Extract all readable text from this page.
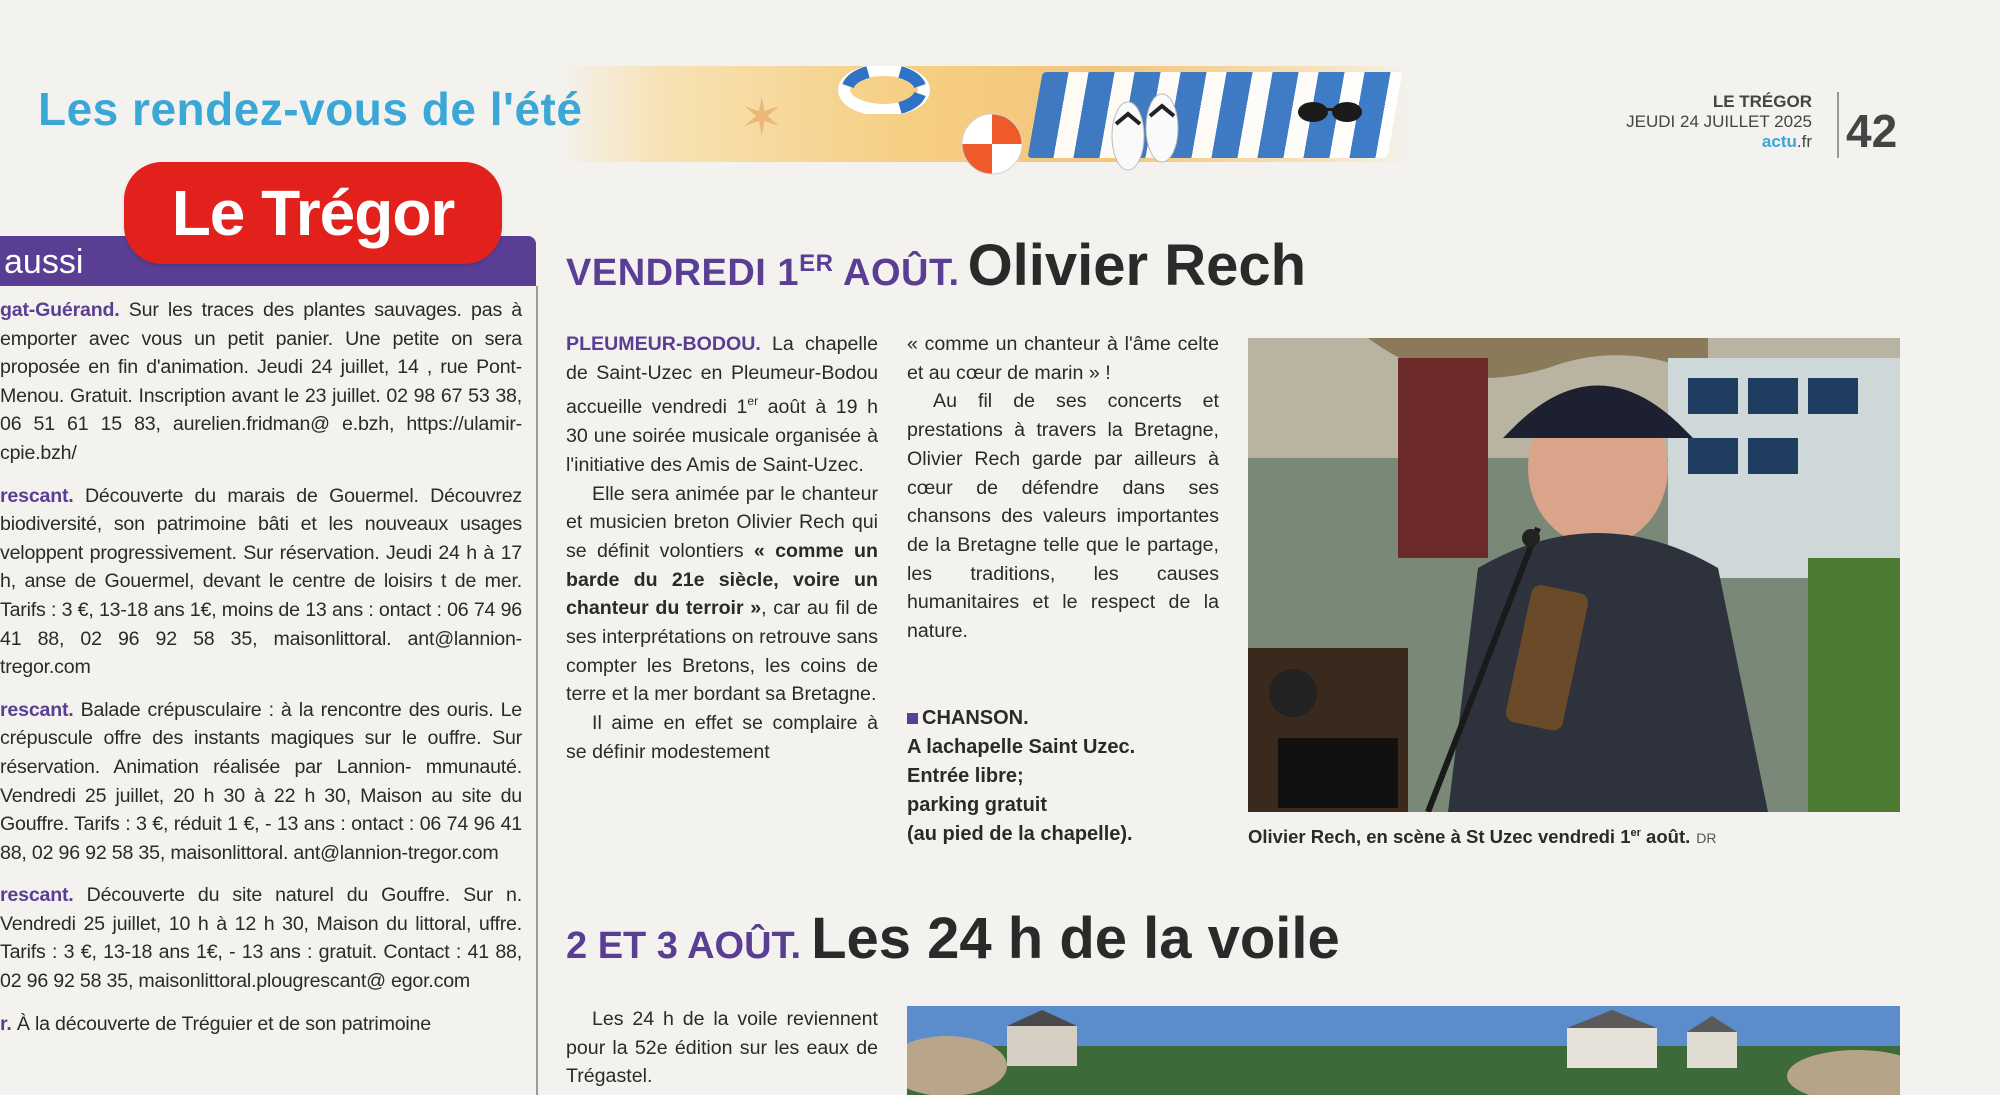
✶
Les rendez-vous de l'été	LE TRÉGOR
JEUDI 24 JUILLET 2025
actu.fr 42
Le Trégor
aussi
gat-Guérand. Sur les traces des plantes sauvages. pas à emporter avec vous un petit panier. Une petite on sera proposée en fin d'animation. Jeudi 24 juillet, 14 , rue Pont-Menou. Gratuit. Inscription avant le 23 juillet. 02 98 67 53 38, 06 51 61 15 83, aurelien.fridman@ e.bzh, https://ulamir-cpie.bzh/
rescant. Découverte du marais de Gouermel. Découvrez biodiversité, son patrimoine bâti et les nouveaux usages veloppent progressivement. Sur réservation. Jeudi 24 h à 17 h, anse de Gouermel, devant le centre de loisirs t de mer. Tarifs : 3 €, 13-18 ans 1€, moins de 13 ans : ontact : 06 74 96 41 88, 02 96 92 58 35, maisonlittoral. ant@lannion-tregor.com
rescant. Balade crépusculaire : à la rencontre des ouris. Le crépuscule offre des instants magiques sur le ouffre. Sur réservation. Animation réalisée par Lannion- mmunauté. Vendredi 25 juillet, 20 h 30 à 22 h 30, Maison au site du Gouffre. Tarifs : 3 €, réduit 1 €, - 13 ans : ontact : 06 74 96 41 88, 02 96 92 58 35, maisonlittoral. ant@lannion-tregor.com
rescant. Découverte du site naturel du Gouffre. Sur n. Vendredi 25 juillet, 10 h à 12 h 30, Maison du littoral, uffre. Tarifs : 3 €, 13-18 ans 1€, - 13 ans : gratuit. Contact : 41 88, 02 96 92 58 35, maisonlittoral.plougrescant@ egor.com
r. À la découverte de Tréguier et de son patrimoine
VENDREDI 1ER AOÛT. Olivier Rech

PLEUMEUR-BODOU. La chapelle de Saint-Uzec en Pleumeur-Bodou accueille vendredi 1er août à 19 h 30 une soirée musicale organisée à l'initiative des Amis de Saint-Uzec.

Elle sera animée par le chanteur et musicien breton Olivier Rech qui se définit volontiers « comme un barde du 21e siècle, voire un chanteur du terroir », car au fil de ses interprétations on retrouve sans compter les Bretons, les coins de terre et la mer bordant sa Bretagne.

Il aime en effet se complaire à se définir modestement

« comme un chanteur à l'âme celte et au cœur de marin » !

Au fil de ses concerts et prestations à travers la Bretagne, Olivier Rech garde par ailleurs à cœur de défendre dans ses chansons des valeurs importantes de la Bretagne telle que le partage, les traditions, les causes humanitaires et le respect de la nature.

CHANSON.
A lachapelle Saint Uzec.
Entrée libre;
parking gratuit
(au pied de la chapelle).	Olivier Rech, en scène à St Uzec vendredi 1er août. DR
2 ET 3 AOÛT. Les 24 h de la voile

Les 24 h de la voile reviennent pour la 52e édition sur les eaux de Trégastel.
